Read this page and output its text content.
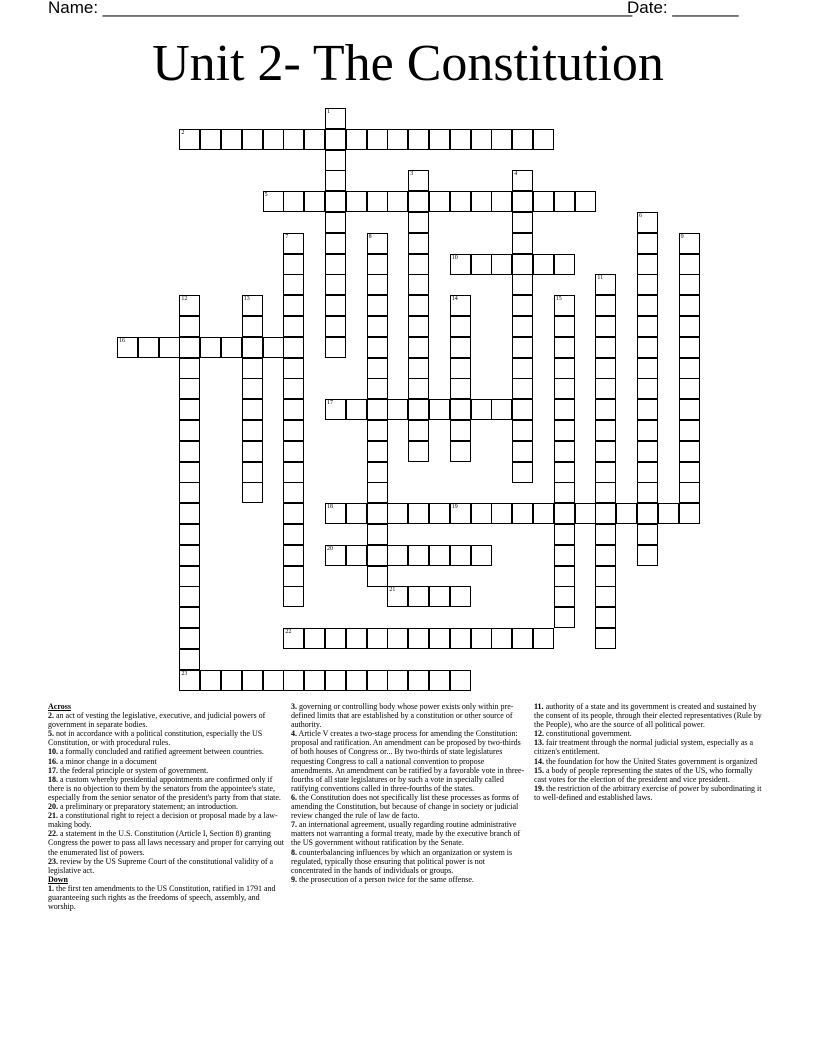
Name: ________________________________________________________
Date: _______
Unit 2- The Constitution
1
2
3	4
5
6
7	8	9
10
11
12	13	14	15
16
17
18	19
20
21
22
23
Across
2. an act of vesting the legislative, executive, and judicial powers of government in separate bodies.
5. not in accordance with a political constitution, especially the US Constitution, or with procedural rules.
10. a formally concluded and ratified agreement between countries.
16. a minor change in a document
17. the federal principle or system of government.
18. a custom whereby presidential appointments are confirmed only if there is no objection to them by the senators from the appointee's state, especially from the senior senator of the president's party from that state.
20. a preliminary or preparatory statement; an introduction.
21. a constitutional right to reject a decision or proposal made by a law-making body.
22. a statement in the U.S. Constitution (Article I, Section 8) granting Congress the power to pass all laws necessary and proper for carrying out the enumerated list of powers.
23. review by the US Supreme Court of the constitutional validity of a legislative act.
Down
1. the first ten amendments to the US Constitution, ratified in 1791 and guaranteeing such rights as the freedoms of speech, assembly, and worship.
3. governing or controlling body whose power exists only within pre-defined limits that are established by a constitution or other source of authority.
4. Article V creates a two-stage process for amending the Constitution: proposal and ratification. An amendment can be proposed by two-thirds of both houses of Congress or... By two-thirds of state legislatures requesting Congress to call a national convention to propose amendments. An amendment can be ratified by a favorable vote in three-fourths of all state legislatures or by such a vote in specially called ratifying conventions called in three-fourths of the states.
6. the Constitution does not specifically list these processes as forms of amending the Constitution, but because of change in society or judicial review changed the rule of law de facto.
7. an international agreement, usually regarding routine administrative matters not warranting a formal treaty, made by the executive branch of the US government without ratification by the Senate.
8. counterbalancing influences by which an organization or system is regulated, typically those ensuring that political power is not concentrated in the hands of individuals or groups.
9. the prosecution of a person twice for the same offense.
11. authority of a state and its government is created and sustained by the consent of its people, through their elected representatives (Rule by the People), who are the source of all political power.
12. constitutional government.
13. fair treatment through the normal judicial system, especially as a citizen's entitlement.
14. the foundation for how the United States government is organized
15. a body of people representing the states of the US, who formally cast votes for the election of the president and vice president.
19. the restriction of the arbitrary exercise of power by subordinating it to well-defined and established laws.
